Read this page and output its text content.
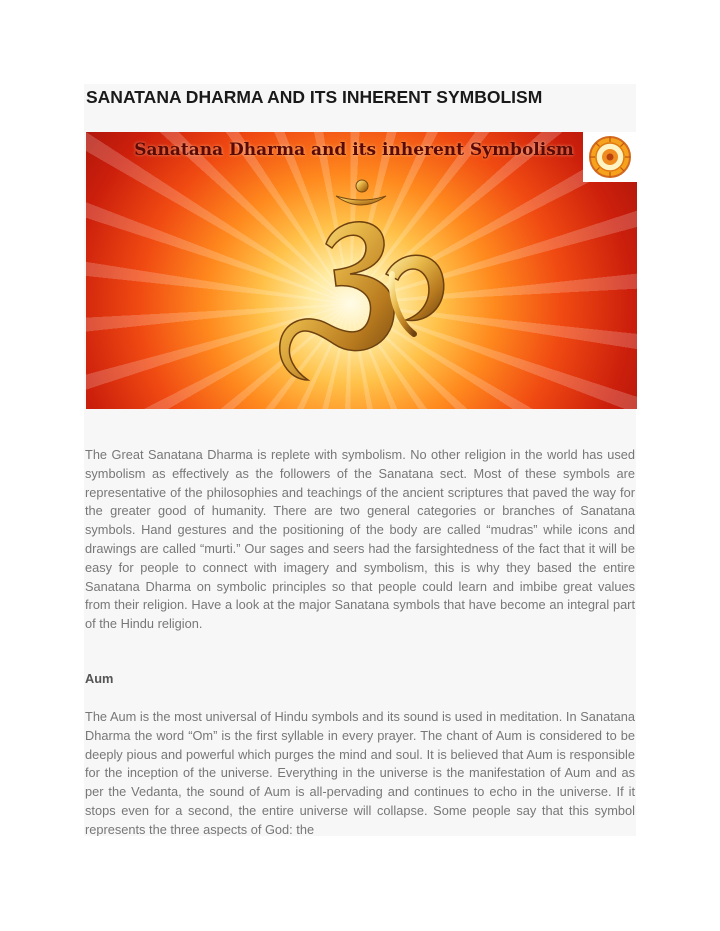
SANATANA DHARMA AND ITS INHERENT SYMBOLISM
Sanatana Dharma and its inherent Symbolism

The Great Sanatana Dharma is replete with symbolism. No other religion in the world has used symbolism as effectively as the followers of the Sanatana sect. Most of these symbols are representative of the philosophies and teachings of the ancient scriptures that paved the way for the greater good of humanity. There are two general categories or branches of Sanatana symbols. Hand gestures and the positioning of the body are called “mudras” while icons and drawings are called “murti.” Our sages and seers had the farsightedness of the fact that it will be easy for people to connect with imagery and symbolism, this is why they based the entire Sanatana Dharma on symbolic principles so that people could learn and imbibe great values from their religion. Have a look at the major Sanatana symbols that have become an integral part of the Hindu religion.

Aum

The Aum is the most universal of Hindu symbols and its sound is used in meditation. In Sanatana Dharma the word “Om” is the first syllable in every prayer. The chant of Aum is considered to be deeply pious and powerful which purges the mind and soul. It is believed that Aum is responsible for the inception of the universe. Everything in the universe is the manifestation of Aum and as per the Vedanta, the sound of Aum is all-pervading and continues to echo in the universe. If it stops even for a second, the entire universe will collapse. Some people say that this symbol represents the three aspects of God: the
